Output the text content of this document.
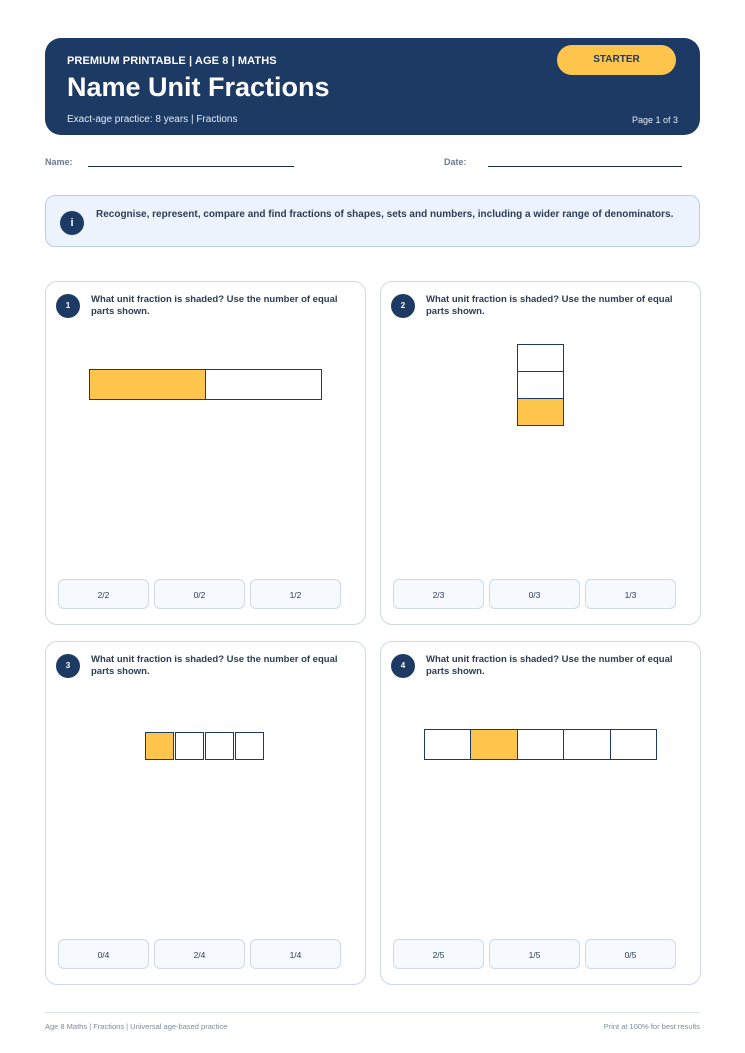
PREMIUM PRINTABLE | AGE 8 | MATHS
Name Unit Fractions
Exact-age practice: 8 years | Fractions	Page 1 of 3
STARTER
Name:	Date:
i
Recognise, represent, compare and find fractions of shapes, sets and numbers, including a wider range of denominators.
1
What unit fraction is shaded? Use the number of equal parts shown.
2/2	0/2	1/2
2
What unit fraction is shaded? Use the number of equal parts shown.
2/3	0/3	1/3
3
What unit fraction is shaded? Use the number of equal parts shown.
0/4	2/4	1/4
4
What unit fraction is shaded? Use the number of equal parts shown.
2/5	1/5	0/5
Age 8 Maths | Fractions | Universal age-based practice	Print at 100% for best results
